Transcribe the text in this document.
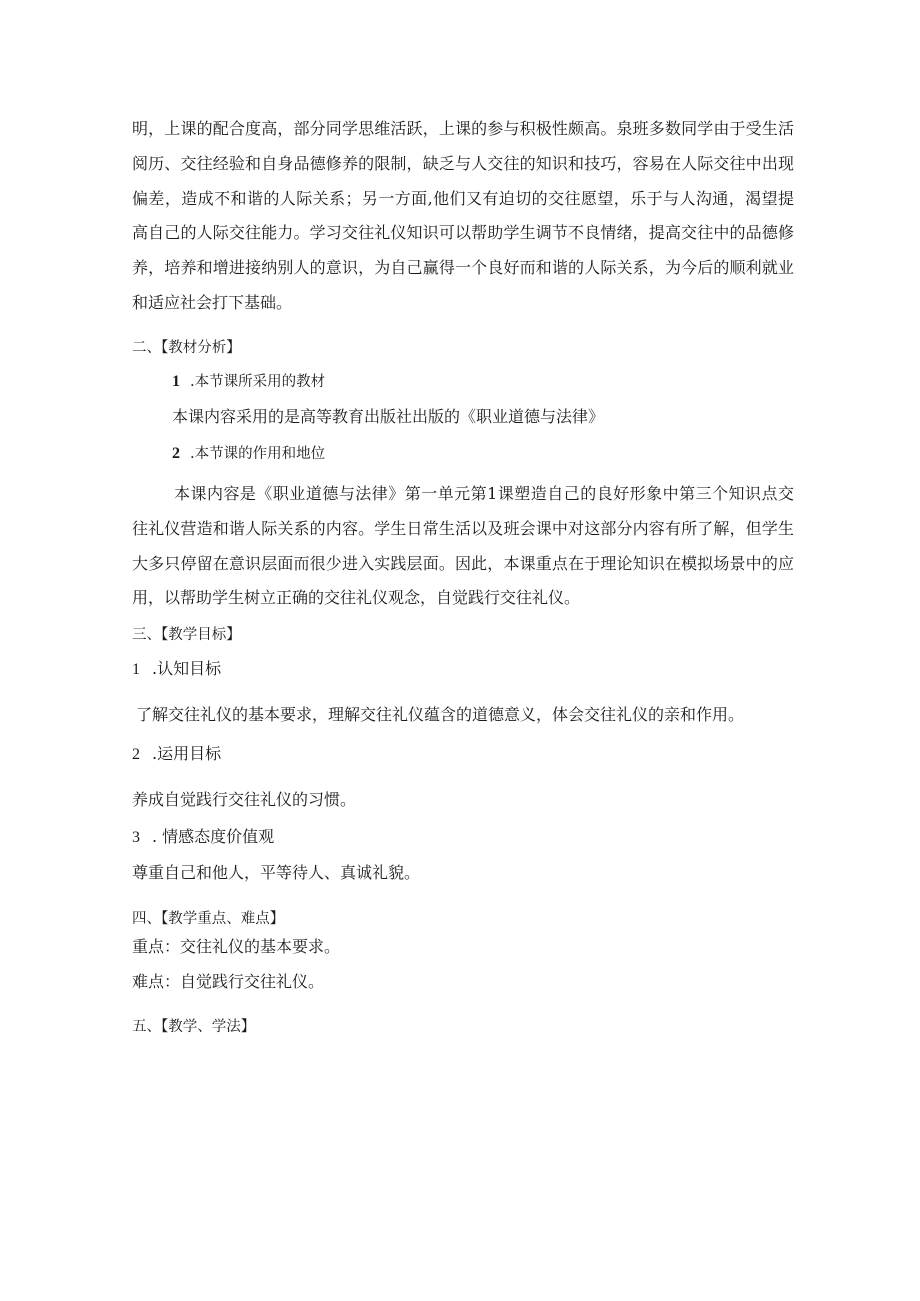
明，上课的配合度高，部分同学思维活跃，上课的参与积极性颇高。泉班多数同学由于受生活
阅历、交往经验和自身品德修养的限制，缺乏与人交往的知识和技巧，容易在人际交往中出现
偏差，造成不和谐的人际关系；另一方面,他们又有迫切的交往愿望，乐于与人沟通，渴望提
高自己的人际交往能力。学习交往礼仪知识可以帮助学生调节不良情绪，提高交往中的品德修
养，培养和增进接纳别人的意识，为自己赢得一个良好而和谐的人际关系，为今后的顺利就业
和适应社会打下基础。
二、【教材分析】
1 .本节课所采用的教材
本课内容采用的是高等教育出版社出版的《职业道德与法律》
2 .本节课的作用和地位
本课内容是《职业道德与法律》第一单元第1课塑造自己的良好形象中第三个知识点交
往礼仪营造和谐人际关系的内容。学生日常生活以及班会课中对这部分内容有所了解，但学生
大多只停留在意识层面而很少进入实践层面。因此，本课重点在于理论知识在模拟场景中的应
用，以帮助学生树立正确的交往礼仪观念，自觉践行交往礼仪。
三、【教学目标】
1 .认知目标
了解交往礼仪的基本要求，理解交往礼仪蕴含的道德意义，体会交往礼仪的亲和作用。
2 .运用目标
养成自觉践行交往礼仪的习惯。
3 . 情感态度价值观
尊重自己和他人，平等待人、真诚礼貌。
四、【教学重点、难点】
重点：交往礼仪的基本要求。
难点：自觉践行交往礼仪。
五、【教学、学法】
